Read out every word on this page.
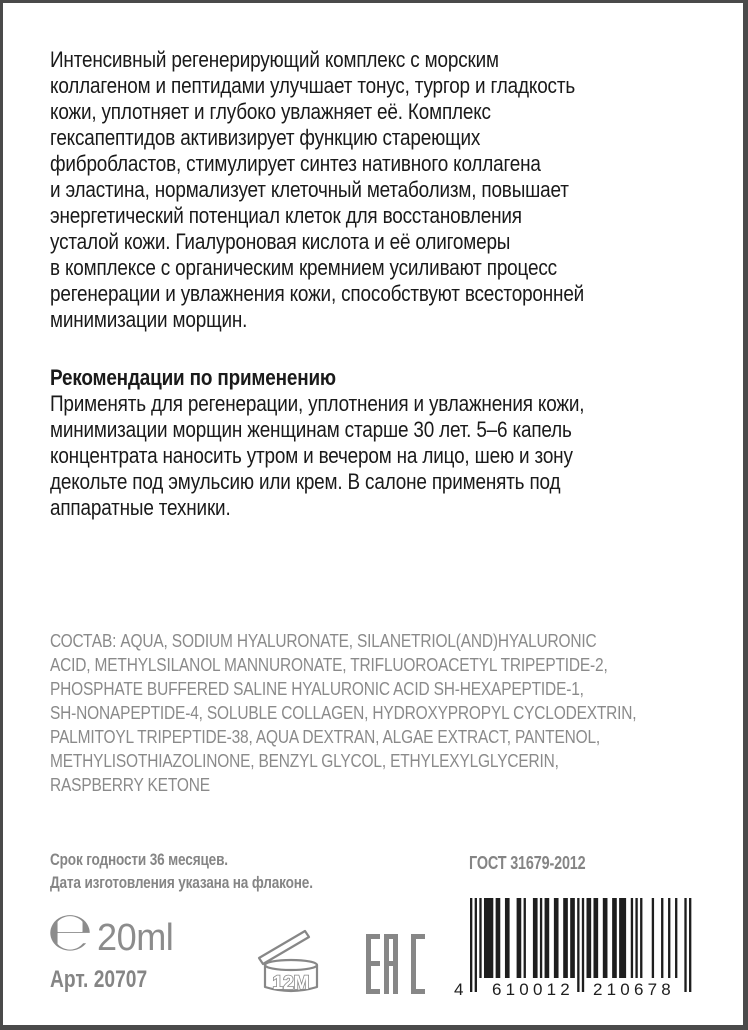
Интенсивный регенерирующий комплекс с морским
коллагеном и пептидами улучшает тонус, тургор и гладкость
кожи, уплотняет и глубоко увлажняет её. Комплекс
гексапептидов активизирует функцию стареющих
фибробластов, стимулирует синтез нативного коллагена
и эластина, нормализует клеточный метаболизм, повышает
энергетический потенциал клеток для восстановления
усталой кожи. Гиалуроновая кислота и её олигомеры
в комплексе с органическим кремнием усиливают процесс
регенерации и увлажнения кожи, способствуют всесторонней
минимизации морщин.
Рекомендации по применению
Применять для регенерации, уплотнения и увлажнения кожи,
минимизации морщин женщинам старше 30 лет. 5–6 капель
концентрата наносить утром и вечером на лицо, шею и зону
декольте под эмульсию или крем. В салоне применять под
аппаратные техники.
СОСТАВ: AQUA, SODIUM HYALURONATE, SILANETRIOL(AND)HYALURONIC
ACID, METHYLSILANOL MANNURONATE, TRIFLUOROACETYL TRIPEPTIDE-2,
PHOSPHATE BUFFERED SALINE HYALURONIC ACID SH-HEXAPEPTIDE-1,
SH-NONAPEPTIDE-4, SOLUBLE COLLAGEN, HYDROXYPROPYL CYCLODEXTRIN,
PALMITOYL TRIPEPTIDE-38, AQUA DEXTRAN, ALGAE EXTRACT, PANTENOL,
METHYLISOTHIAZOLINONE, BENZYL GLYCOL, ETHYLEXYLGLYCERIN,
RASPBERRY KETONE
Срок годности 36 месяцев.
Дата изготовления указана на флаконе.
ГОСТ 31679-2012
℮ 20ml
Арт. 20707	12M	4 610012 210678
